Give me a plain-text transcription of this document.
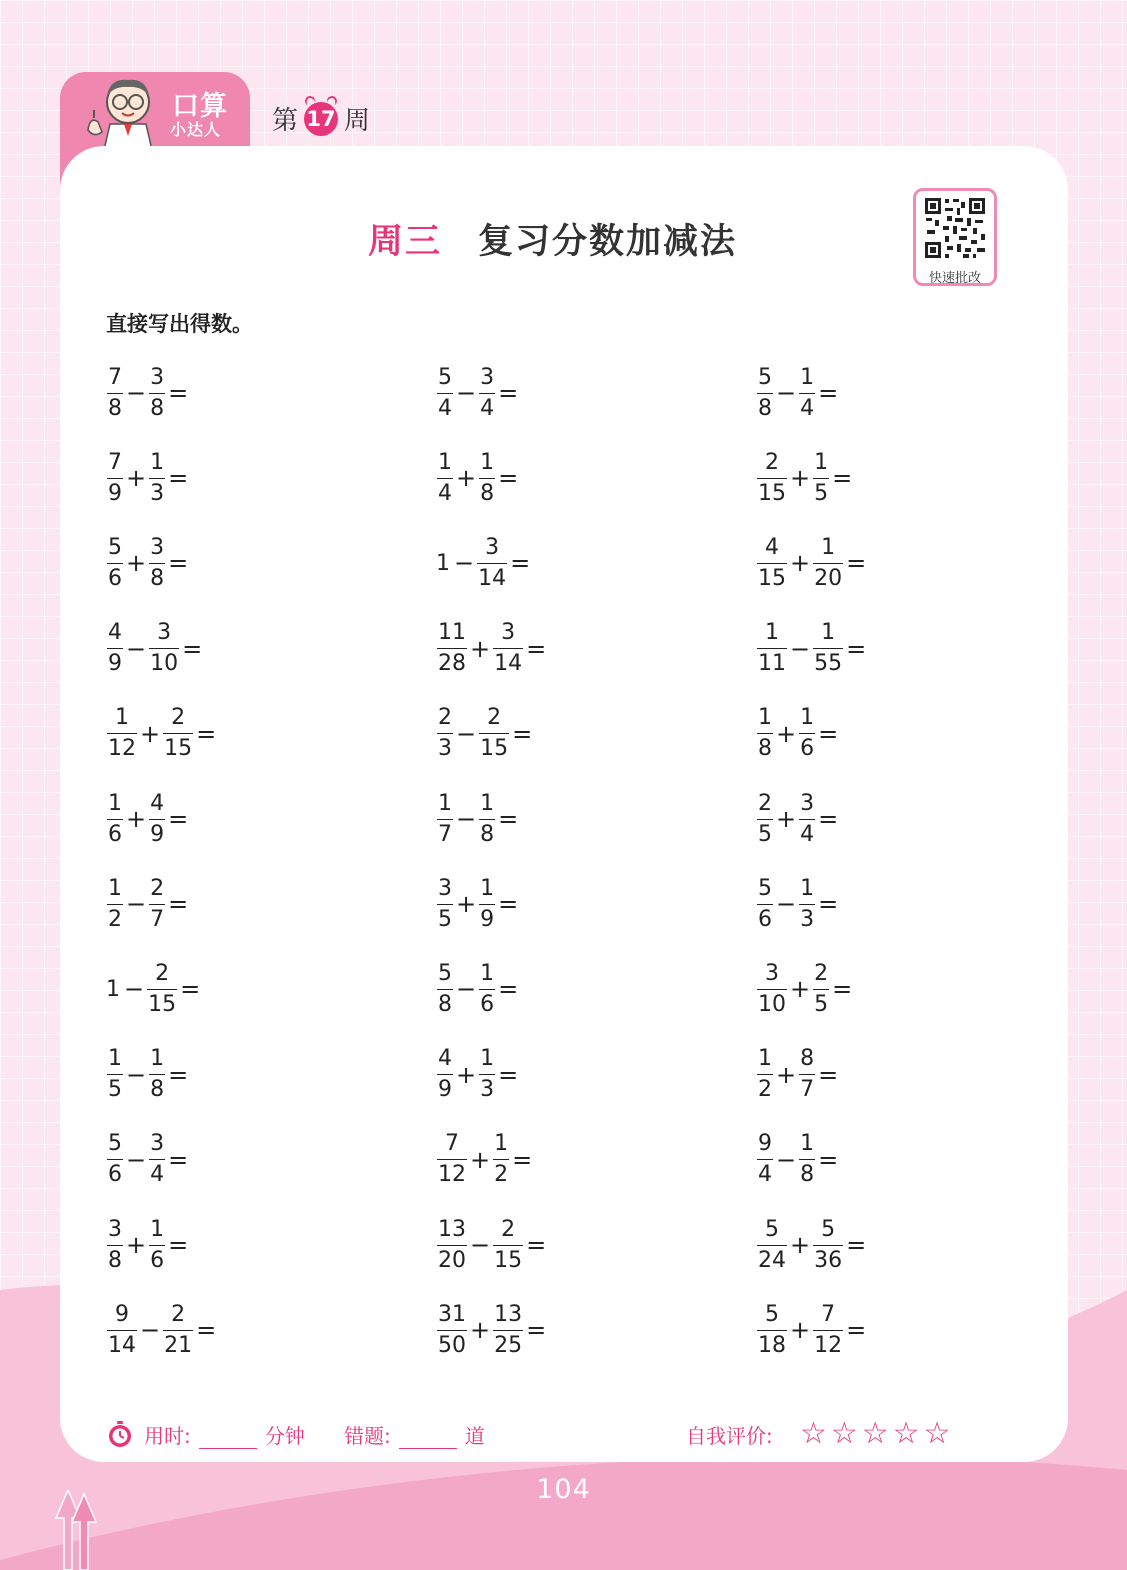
口算
小达人 第 17 周
周三 复习分数加减法
快速批改
直接写出得数。
$\frac{7}{8} - \frac{3}{8}$ =	$\frac{5}{4} - \frac{3}{4}$ =	$\frac{5}{8} - \frac{1}{4}$ =
$\frac{7}{9} + \frac{1}{3}$ =	$\frac{1}{4} + \frac{1}{8}$ =	$\frac{2}{15} + \frac{1}{5}$ =
$\frac{5}{6} + \frac{3}{8}$ =	$1 - \frac{3}{14}$ =	$\frac{4}{15} + \frac{1}{20}$ =
$\frac{4}{9} - \frac{3}{10}$ =	$\frac{11}{28} + \frac{3}{14}$ =	$\frac{1}{11} - \frac{1}{55}$ =
$\frac{1}{12} + \frac{2}{15}$ =	$\frac{2}{3} - \frac{2}{15}$ =	$\frac{1}{8} + \frac{1}{6}$ =
$\frac{1}{6} + \frac{4}{9}$ =	$\frac{1}{7} - \frac{1}{8}$ =	$\frac{2}{5} + \frac{3}{4}$ =
$\frac{1}{2} - \frac{2}{7}$ =	$\frac{3}{5} + \frac{1}{9}$ =	$\frac{5}{6} - \frac{1}{3}$ =
$1 - \frac{2}{15}$ =	$\frac{5}{8} - \frac{1}{6}$ =	$\frac{3}{10} + \frac{2}{5}$ =
$\frac{1}{5} - \frac{1}{8}$ =	$\frac{4}{9} + \frac{1}{3}$ =	$\frac{1}{2} + \frac{8}{7}$ =
$\frac{5}{6} - \frac{3}{4}$ =	$\frac{7}{12} + \frac{1}{2}$ =	$\frac{9}{4} - \frac{1}{8}$ =
$\frac{3}{8} + \frac{1}{6}$ =	$\frac{13}{20} - \frac{2}{15}$ =	$\frac{5}{24} + \frac{5}{36}$ =
$\frac{9}{14} - \frac{2}{21}$ =	$\frac{31}{50} + \frac{13}{25}$ =	$\frac{5}{18} + \frac{7}{12}$ =
用时:	分钟 错题:	道	自我评价: ☆☆☆☆☆
104
